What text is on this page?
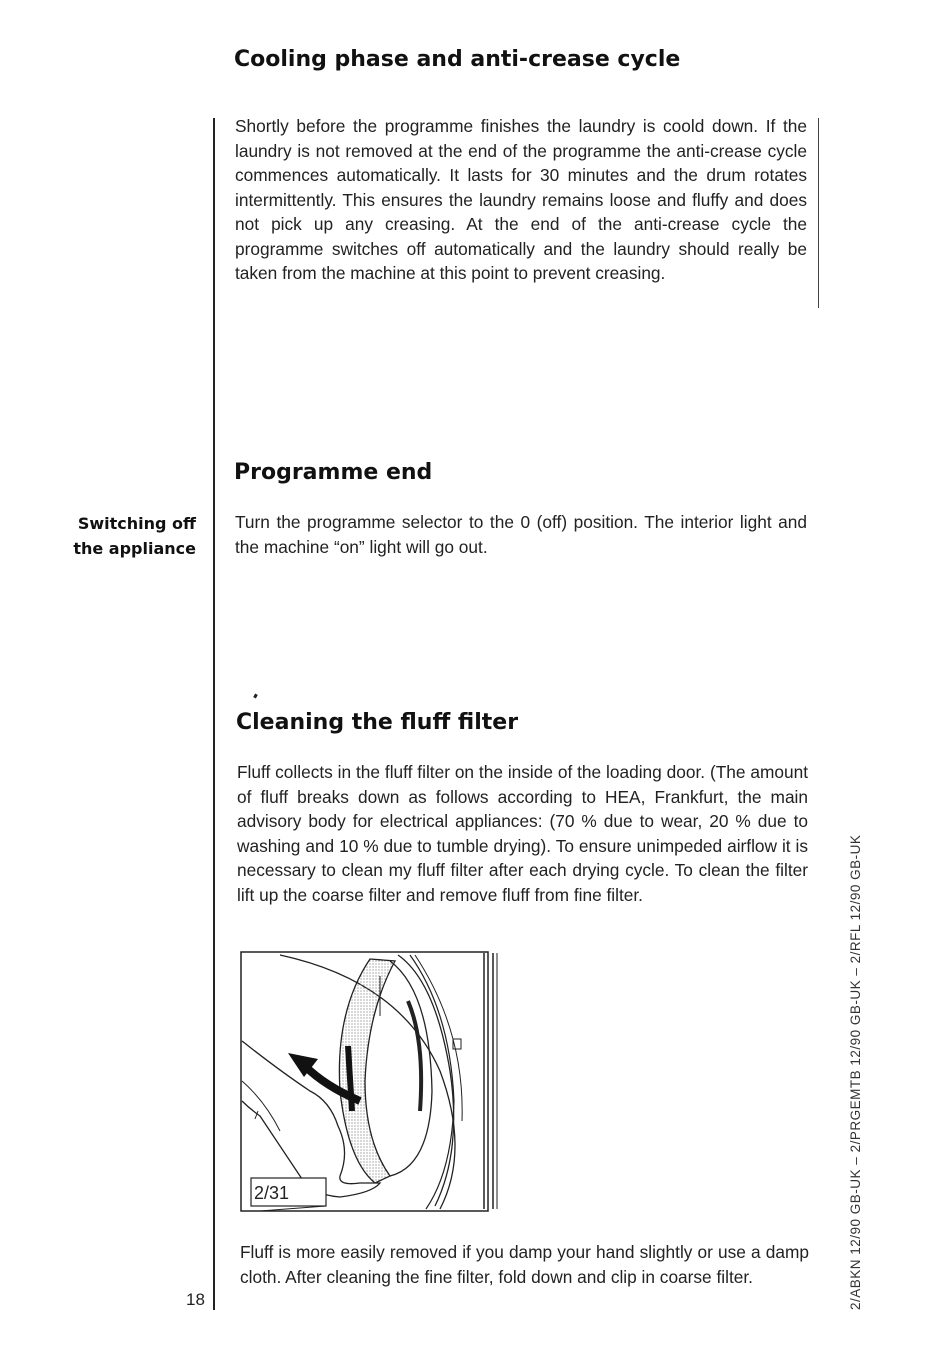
Cooling phase and anti-crease cycle

Shortly before the programme finishes the laundry is coold down. If the laundry is not removed at the end of the programme the anti-crease cycle commences automatically. It lasts for 30 minutes and the drum rotates intermittently. This ensures the laundry remains loose and fluffy and does not pick up any creasing. At the end of the anti-crease cycle the programme switches off automatically and the laundry should really be taken from the machine at this point to prevent creasing.

Programme end
Switching off
the appliance

Turn the programme selector to the 0 (off) position. The interior light and the machine “on” light will go out.

Cleaning the fluff filter

Fluff collects in the fluff filter on the inside of the loading door. (The amount of fluff breaks down as follows according to HEA, Frankfurt, the main advisory body for electrical appliances: (70 % due to wear, 20 % due to washing and 10 % due to tumble drying). To ensure unimpeded airflow it is necessary to clean my fluff filter after each drying cycle. To clean the filter lift up the coarse filter and remove fluff from fine filter.

2/31

Fluff is more easily removed if you damp your hand slightly or use a damp cloth. After cleaning the fine filter, fold down and clip in coarse filter.

18	2/ABKN 12/90 GB-UK – 2/PRGEMTB 12/90 GB-UK – 2/RFL 12/90 GB-UK
